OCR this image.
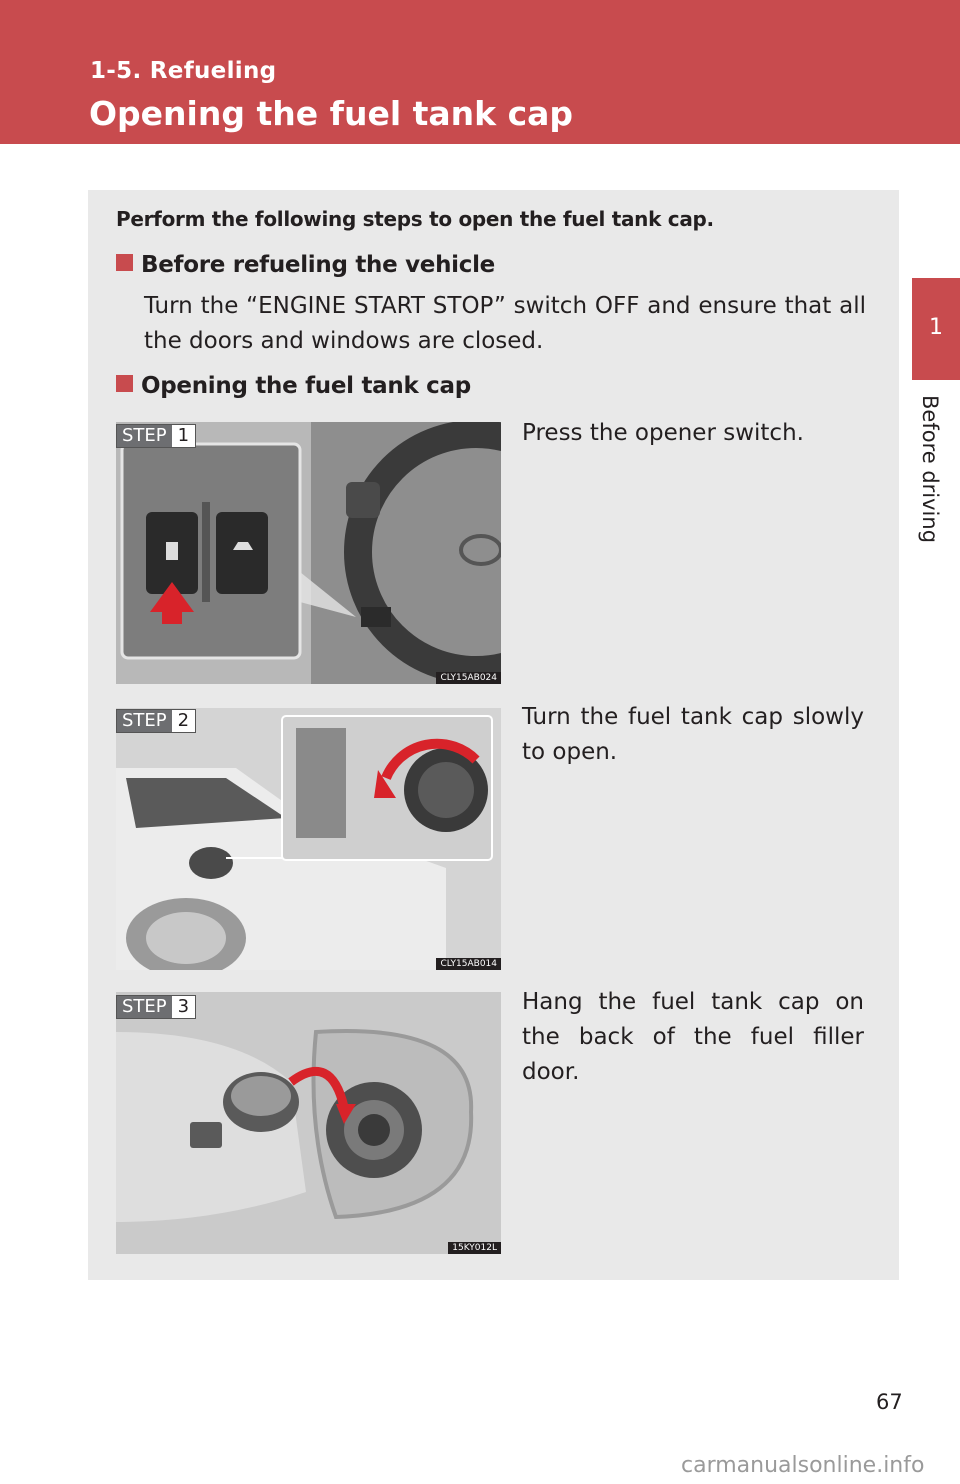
1-5. Refueling
Opening the fuel tank cap
1
Before driving
Perform the following steps to open the fuel tank cap.
Before refueling the vehicle
Turn the “ENGINE START STOP” switch OFF and ensure that all the doors and windows are closed.
Opening the fuel tank cap
CLY15AB024
STEP 1	Press the opener switch.
CLY15AB014
STEP 2	Turn the fuel tank cap slowly to open.
15KY012L
STEP 3	Hang the fuel tank cap on the back of the fuel filler door.
67
carmanualsonline.info
